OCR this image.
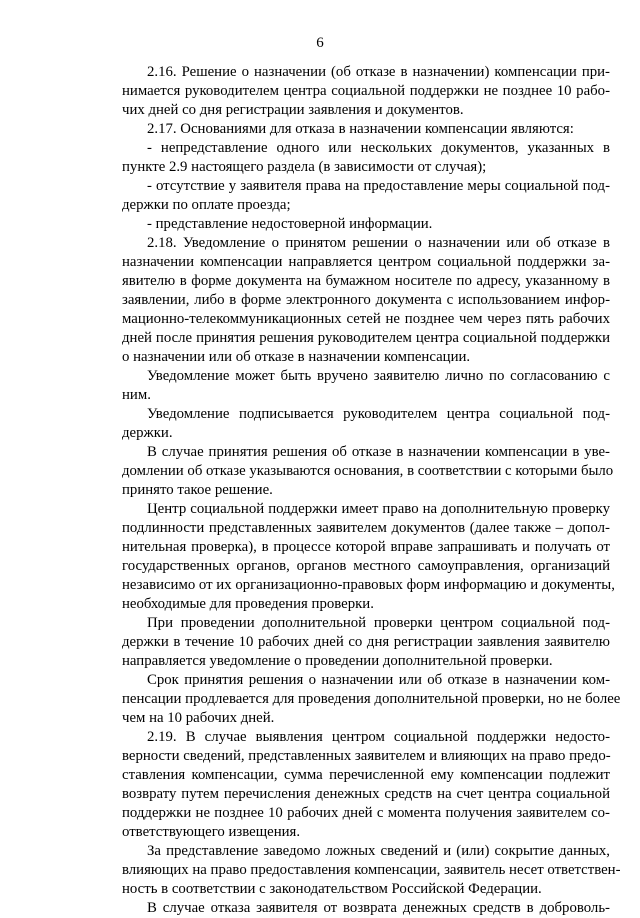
6
2.16. Решение о назначении (об отказе в назначении) компенсации при-
нимается руководителем центра социальной поддержки не позднее 10 рабо-
чих дней со дня регистрации заявления и документов.
2.17. Основаниями для отказа в назначении компенсации являются:
- непредставление одного или нескольких документов, указанных в
пункте 2.9 настоящего раздела (в зависимости от случая);
- отсутствие у заявителя права на предоставление меры социальной под-
держки по оплате проезда;
- представление недостоверной информации.
2.18. Уведомление о принятом решении о назначении или об отказе в
назначении компенсации направляется центром социальной поддержки за-
явителю в форме документа на бумажном носителе по адресу, указанному в
заявлении, либо в форме электронного документа с использованием инфор-
мационно-телекоммуникационных сетей не позднее чем через пять рабочих
дней после принятия решения руководителем центра социальной поддержки
о назначении или об отказе в назначении компенсации.
Уведомление может быть вручено заявителю лично по согласованию с
ним.
Уведомление подписывается руководителем центра социальной под-
держки.
В случае принятия решения об отказе в назначении компенсации в уве-
домлении об отказе указываются основания, в соответствии с которыми было
принято такое решение.
Центр социальной поддержки имеет право на дополнительную проверку
подлинности представленных заявителем документов (далее также – допол-
нительная проверка), в процессе которой вправе запрашивать и получать от
государственных органов, органов местного самоуправления, организаций
независимо от их организационно-правовых форм информацию и документы,
необходимые для проведения проверки.
При проведении дополнительной проверки центром социальной под-
держки в течение 10 рабочих дней со дня регистрации заявления заявителю
направляется уведомление о проведении дополнительной проверки.
Срок принятия решения о назначении или об отказе в назначении ком-
пенсации продлевается для проведения дополнительной проверки, но не более
чем на 10 рабочих дней.
2.19. В случае выявления центром социальной поддержки недосто-
верности сведений, представленных заявителем и влияющих на право предо-
ставления компенсации, сумма перечисленной ему компенсации подлежит
возврату путем перечисления денежных средств на счет центра социальной
поддержки не позднее 10 рабочих дней с момента получения заявителем со-
ответствующего извещения.
За представление заведомо ложных сведений и (или) сокрытие данных,
влияющих на право предоставления компенсации, заявитель несет ответствен-
ность в соответствии с законодательством Российской Федерации.
В случае отказа заявителя от возврата денежных средств в доброволь-
